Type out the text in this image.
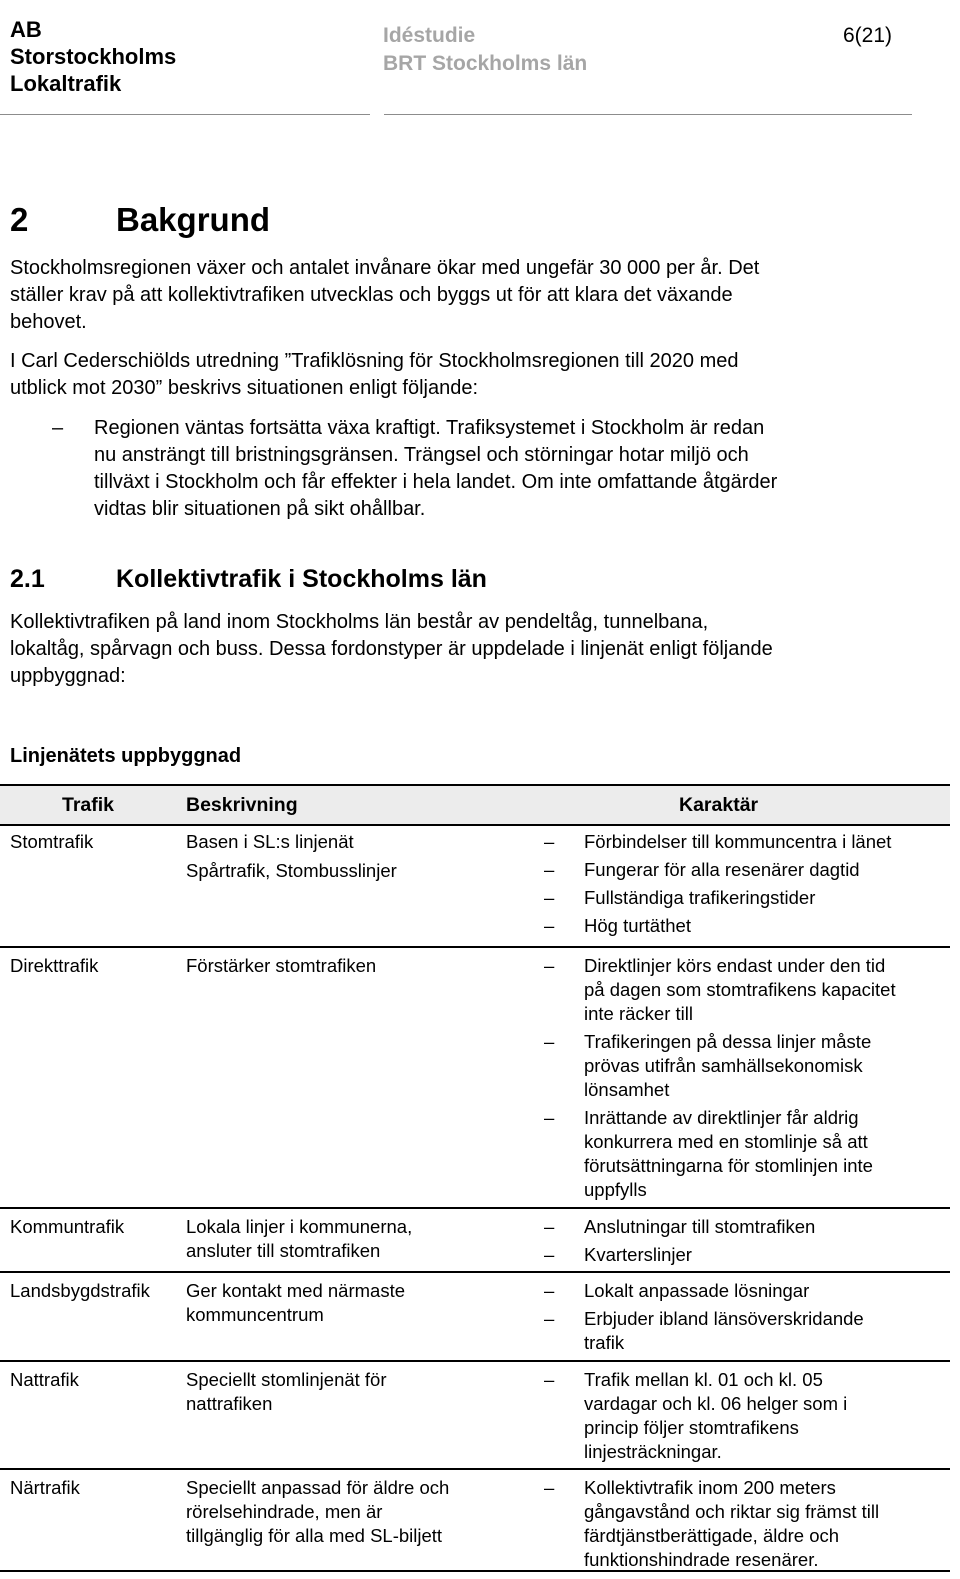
AB
Storstockholms
Lokaltrafik
Idéstudie
BRT Stockholms län
6(21)
2	Bakgrund
Stockholmsregionen växer och antalet invånare ökar med ungefär 30 000 per år. Det
ställer krav på att kollektivtrafiken utvecklas och byggs ut för att klara det växande
behovet.
I Carl Cederschiölds utredning ”Trafiklösning för Stockholmsregionen till 2020 med
utblick mot 2030” beskrivs situationen enligt följande:
– Regionen väntas fortsätta växa kraftigt. Trafiksystemet i Stockholm är redan
nu ansträngt till bristningsgränsen. Trängsel och störningar hotar miljö och
tillväxt i Stockholm och får effekter i hela landet. Om inte omfattande åtgärder
vidtas blir situationen på sikt ohållbar.
2.1	Kollektivtrafik i Stockholms län
Kollektivtrafiken på land inom Stockholms län består av pendeltåg, tunnelbana,
lokaltåg, spårvagn och buss. Dessa fordonstyper är uppdelade i linjenät enligt följande
uppbyggnad:
Linjenätets uppbyggnad
Trafik	Beskrivning	Karaktär
Stomtrafik	Basen i SL:s linjenät
Spårtrafik, Stombusslinjer
– Förbindelser till kommuncentra i länet
– Fungerar för alla resenärer dagtid
– Fullständiga trafikeringstider
– Hög turtäthet
Direkttrafik	Förstärker stomtrafiken	– Direktlinjer körs endast under den tid
på dagen som stomtrafikens kapacitet
inte räcker till
– Trafikeringen på dessa linjer måste
prövas utifrån samhällsekonomisk
lönsamhet
– Inrättande av direktlinjer får aldrig
konkurrera med en stomlinje så att
förutsättningarna för stomlinjen inte
uppfylls
Kommuntrafik	Lokala linjer i kommunerna,
ansluter till stomtrafiken
– Anslutningar till stomtrafiken
– Kvarterslinjer
Landsbygdstrafik Ger kontakt med närmaste
kommuncentrum
– Lokalt anpassade lösningar
– Erbjuder ibland länsöverskridande
trafik
Nattrafik	Speciellt stomlinjenät för
nattrafiken
– Trafik mellan kl. 01 och kl. 05
vardagar och kl. 06 helger som i
princip följer stomtrafikens
linjesträckningar.
Närtrafik	Speciellt anpassad för äldre och
rörelsehindrade, men är
tillgänglig för alla med SL-biljett
– Kollektivtrafik inom 200 meters
gångavstånd och riktar sig främst till
färdtjänstberättigade, äldre och
funktionshindrade resenärer.
